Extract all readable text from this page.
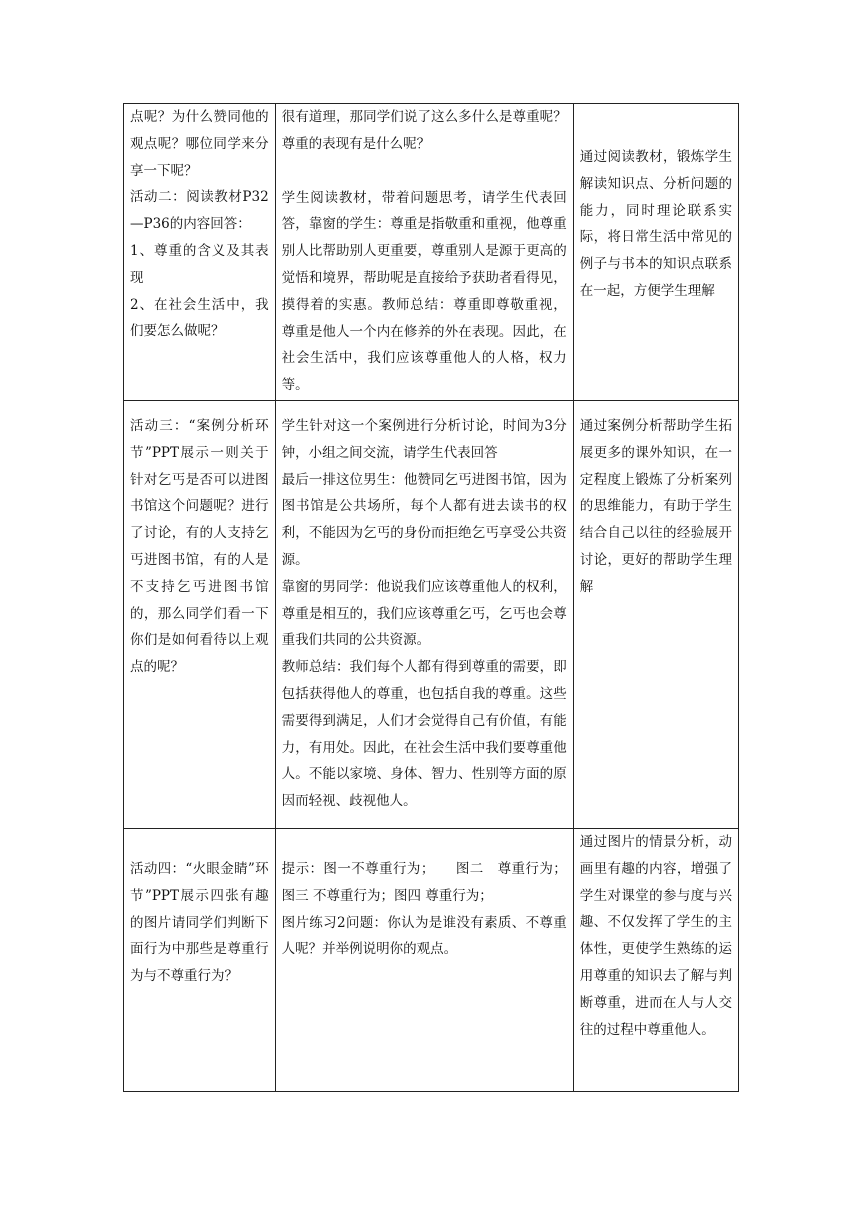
点呢？为什么赞同他的观点呢？哪位同学来分享一下呢？
活动二：阅读教材P32—P36的内容回答：
1、尊重的含义及其表现
2、在社会生活中，我们要怎么做呢？	很有道理，那同学们说了这么多什么是尊重呢？尊重的表现有是什么呢？
学生阅读教材，带着问题思考，请学生代表回答，靠窗的学生：尊重是指敬重和重视，他尊重别人比帮助别人更重要，尊重别人是源于更高的觉悟和境界，帮助呢是直接给予获助者看得见，摸得着的实惠。教师总结：尊重即尊敬重视， 尊重是他人一个内在修养的外在表现。因此，在社会生活中，我们应该尊重他人的人格，权力等。	通过阅读教材，锻炼学生解读知识点、分析问题的能力，同时理论联系实际，将日常生活中常见的例子与书本的知识点联系在一起，方便学生理解

活动三：“案例分析环节”PPT展示一则关于针对乞丐是否可以进图书馆这个问题呢？进行了讨论，有的人支持乞丐进图书馆，有的人是不支持乞丐进图书馆的，那么同学们看一下你们是如何看待以上观点的呢？	学生针对这一个案例进行分析讨论，时间为3分钟，小组之间交流，请学生代表回答
最后一排这位男生：他赞同乞丐进图书馆，因为图书馆是公共场所，每个人都有进去读书的权利，不能因为乞丐的身份而拒绝乞丐享受公共资源。
靠窗的男同学：他说我们应该尊重他人的权利，尊重是相互的，我们应该尊重乞丐，乞丐也会尊重我们共同的公共资源。
教师总结：我们每个人都有得到尊重的需要，即包括获得他人的尊重，也包括自我的尊重。这些需要得到满足，人们才会觉得自己有价值，有能力，有用处。因此，在社会生活中我们要尊重他人。不能以家境、身体、智力、性别等方面的原因而轻视、歧视他人。	通过案例分析帮助学生拓展更多的课外知识，在一定程度上锻炼了分析案列的思维能力，有助于学生结合自己以往的经验展开讨论，更好的帮助学生理解

活动四：“火眼金睛”环节”PPT展示四张有趣的图片请同学们判断下面行为中那些是尊重行为与不尊重行为？	提示：图一不尊重行为；　　图二　尊重行为；图三 不尊重行为；图四 尊重行为；
图片练习2问题：你认为是谁没有素质、不尊重人呢？并举例说明你的观点。	通过图片的情景分析，动画里有趣的内容，增强了学生对课堂的参与度与兴趣、不仅发挥了学生的主体性，更使学生熟练的运用尊重的知识去了解与判断尊重，进而在人与人交往的过程中尊重他人。
